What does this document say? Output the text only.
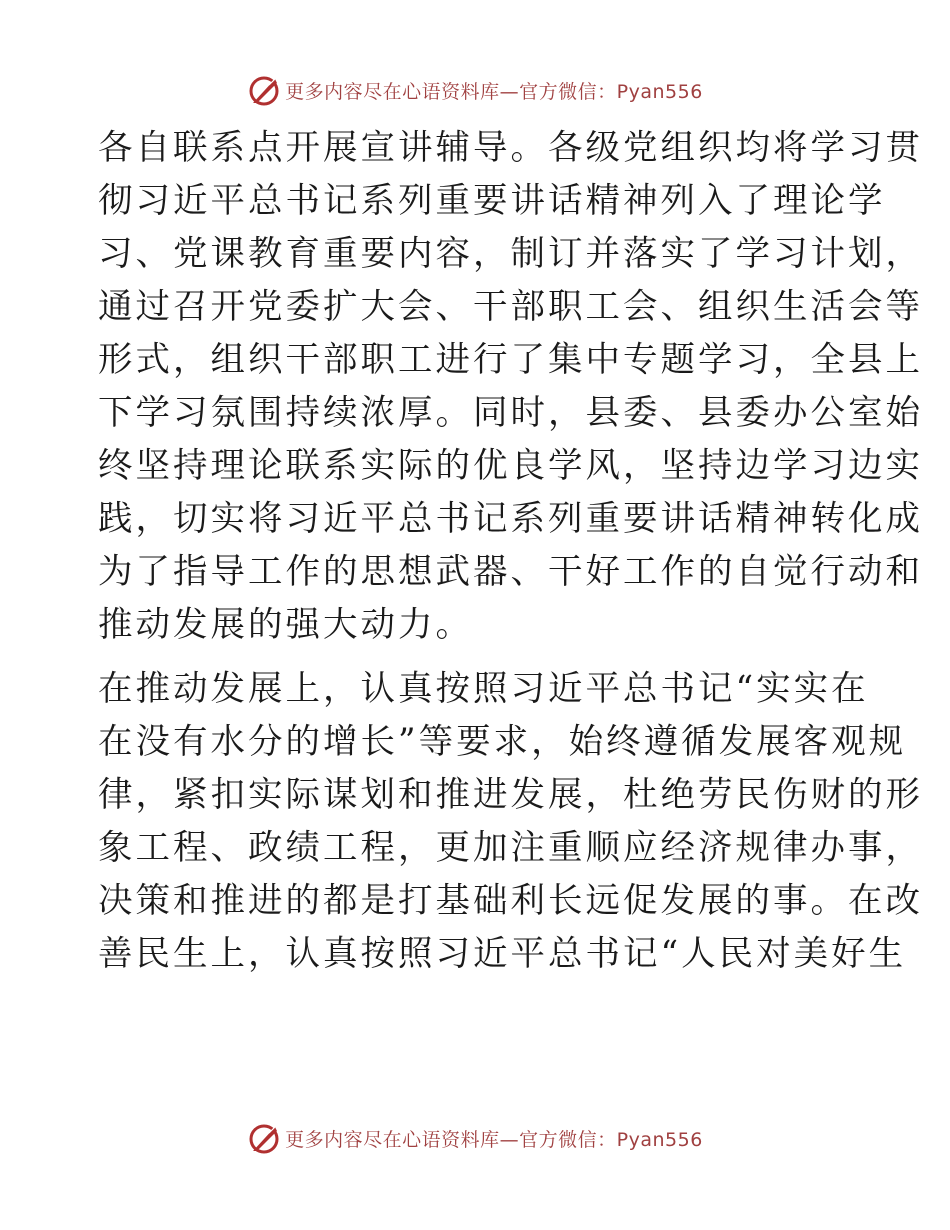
更多内容尽在心语资料库—官方微信：Pyan556
各自联系点开展宣讲辅导。各级党组织均将学习贯
彻习近平总书记系列重要讲话精神列入了理论学
习、党课教育重要内容，制订并落实了学习计划，
通过召开党委扩大会、干部职工会、组织生活会等
形式，组织干部职工进行了集中专题学习，全县上
下学习氛围持续浓厚。同时，县委、县委办公室始
终坚持理论联系实际的优良学风，坚持边学习边实
践，切实将习近平总书记系列重要讲话精神转化成
为了指导工作的思想武器、干好工作的自觉行动和
推动发展的强大动力。
在推动发展上，认真按照习近平总书记“实实在
在没有水分的增长”等要求，始终遵循发展客观规
律，紧扣实际谋划和推进发展，杜绝劳民伤财的形
象工程、政绩工程，更加注重顺应经济规律办事，
决策和推进的都是打基础利长远促发展的事。在改
善民生上，认真按照习近平总书记“人民对美好生
更多内容尽在心语资料库—官方微信：Pyan556
